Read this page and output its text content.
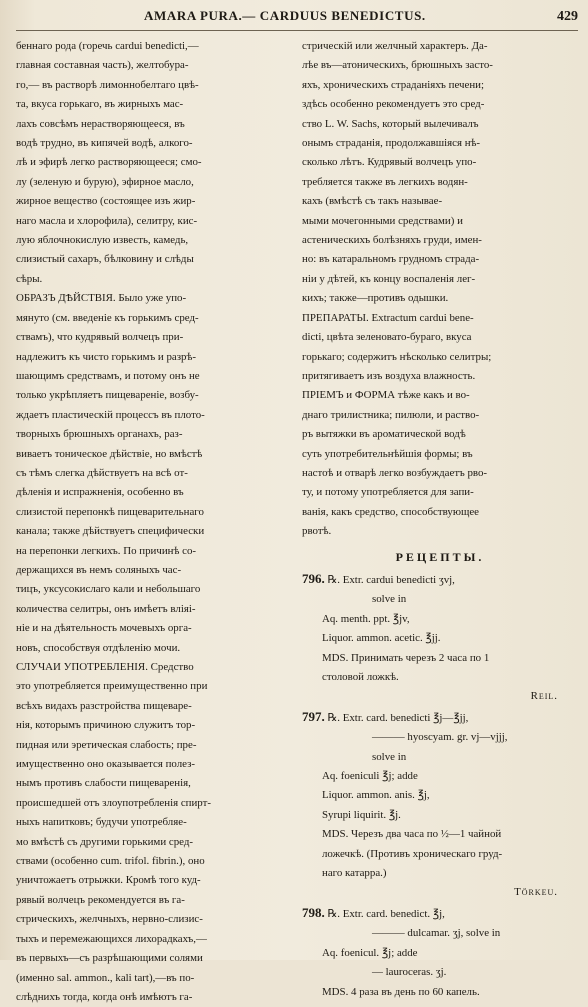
AMARA PURA.— CARDUUS BENEDICTUS.	429

беннаго рода (горечь cardui benedicti,—

главная составная часть), желтобура-

го,— въ растворѣ лимоннобелтаго цвѣ-

та, вкуса горькаго, въ жирныхъ мас-

лахъ совсѣмъ нерастворяющееся, въ

водѣ трудно, въ кипячей водѣ, алкого-

лѣ и эфирѣ легко растворяющееся; смо-

лу (зеленую и бурую), эфирное масло,

жирное вещество (состоящее изъ жир-

наго масла и хлорофила), селитру, кис-

лую яблочнокислую известь, камедь,

слизистый сахаръ, бѣлковину и слѣды

сѣры.

ОБРАЗЪ ДѢЙСТВІЯ. Было уже упо-

мянуто (см. введеніе къ горькимъ сред-

ствамъ), что кудрявый волчецъ при-

надлежитъ къ чисто горькимъ и разрѣ-

шающимъ средствамъ, и потому онъ не

только укрѣпляетъ пищевареніе, возбу-

ждаетъ пластическій процессъ въ плото-

творныхъ брюшныхъ органахъ, раз-

виваетъ тоническое дѣйствіе, но вмѣстѣ

съ тѣмъ слегка дѣйствуетъ на всѣ от-

дѣленія и испражненія, особенно въ

слизистой перепонкѣ пищеварительнаго

канала; также дѣйствуетъ специфически

на перепонки легкихъ. По причинѣ со-

держащихся въ немъ соляныхъ час-

тицъ, уксусокислаго кали и небольшаго

количества селитры, онъ имѣетъ вліяі-

ніе и на дѣятельность мочевыхъ орга-

новъ, способствуя отдѣленію мочи.

СЛУЧАИ УПОТРЕБЛЕНІЯ. Средство

это употребляется преимущественно при

всѣхъ видахъ разстройства пищеваре-

нія, которымъ причиною служитъ тор-

пидная или эретическая слабость; пре-

имущественно оно оказывается полез-

нымъ противъ слабости пищеваренія,

происшедшей отъ злоупотребленія спирт-

ныхъ напитковъ; будучи употребляе-

мо вмѣстѣ съ другими горькими сред-

ствами (особенно cum. trifol. fibrin.), оно

уничтожаетъ отрыжки. Кромѣ того куд-

рявый волчецъ рекомендуется въ га-

стрическихъ, желчныхъ, нервно-слизис-

тыхъ и перемежающихся лихорадкахъ,—

въ первыхъ—съ разрѣшающими солями

(именно sal. ammon., kali tart),—въ по-

слѣднихъ тогда, когда онѣ имѣютъ га-

стрическій или желчный характеръ. Да-

лѣе въ—атоническихъ, брюшныхъ засто-

яхъ, хроническихъ страданіяхъ печени;

здѣсь особенно рекомендуетъ это сред-

ство L. W. Sachs, который вылечивалъ

онымъ страданія, продолжавшіяся нѣ-

сколько лѣтъ. Кудрявый волчецъ упо-

требляется также въ легкихъ водян-

кахъ (вмѣстѣ съ такъ называе-

мыми мочегонными средствами) и

астеническихъ болѣзняхъ груди, имен-

но: въ катаральномъ грудномъ страда-

ніи у дѣтей, къ концу воспаленія лег-

кихъ; также—противъ одышки.

ПРЕПАРАТЫ. Extractum cardui bene-

dicti, цвѣта зеленовато-бураго, вкуса

горькаго; содержитъ нѣсколько селитры;

притягиваетъ изъ воздуха влажность.

ПРІЕМЪ и ФОРМА тѣже какъ и во-

днаго трилистника; пилюли, и раство-

ръ вытяжки въ ароматической водѣ

суть употребительнѣйшія формы; въ

настоѣ и отварѣ легко возбуждаетъ рво-

ту, и потому употребляется для запи-

ванія, какъ средство, способствующее

рвотѣ.

РЕЦЕПТЫ.
796. ℞. Extr. cardui benedicti ʒvj,
solve in
Aq. menth. ppt. ℥jv,
Liquor. ammon. acetic. ℥jj.
MDS. Принимать черезъ 2 часа по 1
столовой ложкѣ.
Reil.
797. ℞. Extr. card. benedicti ℥j—℥jj,
——— hyoscyam. gr. vj—vjjj,
solve in
Aq. foeniculi ℥j; adde
Liquor. ammon. anis. ℥j,
Syrupi liquirit. ℥j.
MDS. Черезъ два часа по ½—1 чайной
ложечкѣ. (Противъ хроническаго груд-
наго катарра.)
Törkeu.
798. ℞. Extr. card. benedict. ℥j,
——— dulcamar. ʒj, solve in
Aq. foenicul. ℥j; adde
— laurocerаs. ʒj.
MDS. 4 раза въ день по 60 капель.
